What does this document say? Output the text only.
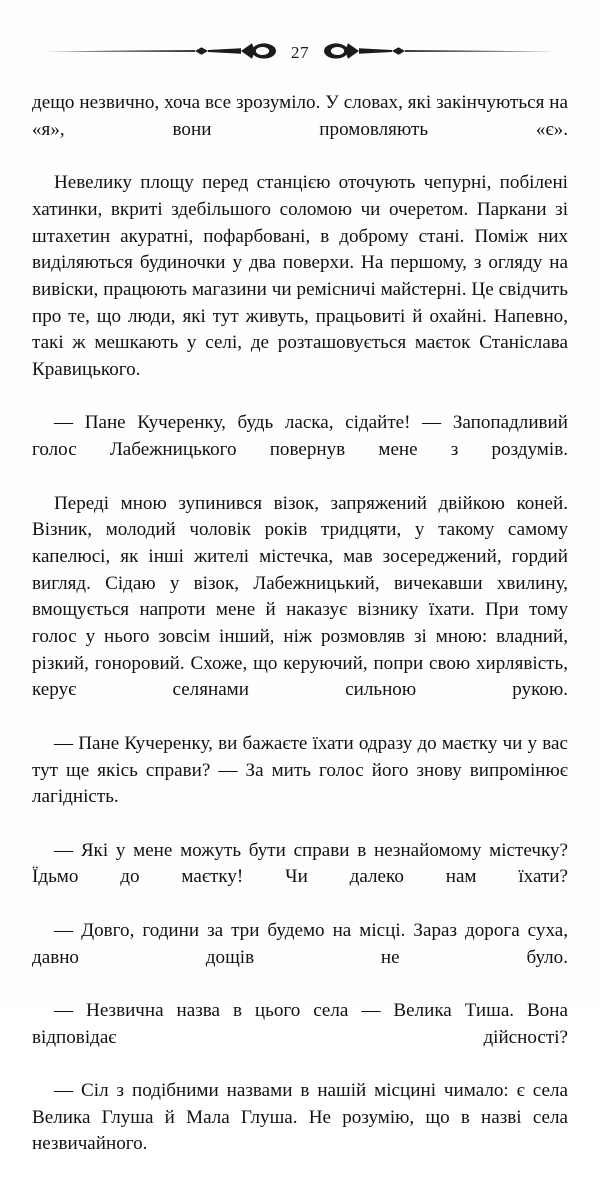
27

дещо незвично, хоча все зрозуміло. У словах, які закінчуються на «я», вони промовляють «є».

Невелику площу перед станцією оточують чепурні, побілені хатинки, вкриті здебільшого соломою чи очеретом. Паркани зі штахетин акуратні, пофарбовані, в доброму стані. Поміж них виділяються будиночки у два поверхи. На першому, з огляду на вивіски, працюють магазини чи ремісничі майстерні. Це свідчить про те, що люди, які тут живуть, працьовиті й охайні. Напевно, такі ж мешкають у селі, де розташовується маєток Станіслава Кравицького.

— Пане Кучеренку, будь ласка, сідайте! — Запопадливий голос Лабежницького повернув мене з роздумів.

Переді мною зупинився візок, запряжений двійкою коней. Візник, молодий чоловік років тридцяти, у такому самому капелюсі, як інші жителі містечка, мав зосереджений, гордий вигляд. Сідаю у візок, Лабежницький, вичекавши хвилину, вмощується напроти мене й наказує візнику їхати. При тому голос у нього зовсім інший, ніж розмовляв зі мною: владний, різкий, гоноровий. Схоже, що керуючий, попри свою хирлявість, керує селянами сильною рукою.

— Пане Кучеренку, ви бажаєте їхати одразу до маєтку чи у вас тут ще якісь справи? — За мить голос його знову випромінює лагідність.

— Які у мене можуть бути справи в незнайомому містечку? Їдьмо до маєтку! Чи далеко нам їхати?

— Довго, години за три будемо на місці. Зараз дорога суха, давно дощів не було.

— Незвична назва в цього села — Велика Тиша. Вона відповідає дійсності?

— Сіл з подібними назвами в нашій місцині чимало: є села Велика Глуша й Мала Глуша. Не розумію, що в назві села незвичайного.
